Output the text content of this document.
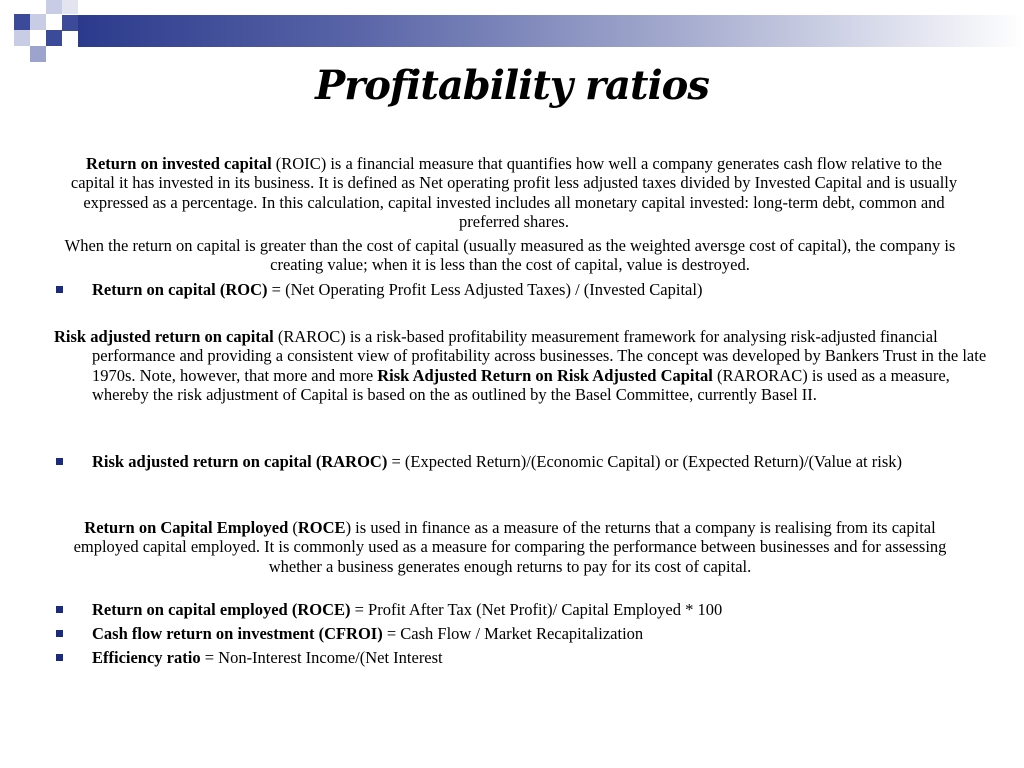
Profitability ratios
Return on invested capital (ROIC) is a financial measure that quantifies how well a company generates cash flow relative to the capital it has invested in its business. It is defined as Net operating profit less adjusted taxes divided by Invested Capital and is usually expressed as a percentage. In this calculation, capital invested includes all monetary capital invested: long-term debt, common and preferred shares.
When the return on capital is greater than the cost of capital (usually measured as the weighted aversge cost of capital), the company is creating value; when it is less than the cost of capital, value is destroyed.
Return on capital (ROC) = (Net Operating Profit Less Adjusted Taxes) / (Invested Capital)
Risk adjusted return on capital (RAROC) is a risk-based profitability measurement framework for analysing risk-adjusted financial performance and providing a consistent view of profitability across businesses. The concept was developed by Bankers Trust in the late 1970s. Note, however, that more and more Risk Adjusted Return on Risk Adjusted Capital (RARORAC) is used as a measure, whereby the risk adjustment of Capital is based on the as outlined by the Basel Committee, currently Basel II.
Risk adjusted return on capital (RAROC) = (Expected Return)/(Economic Capital) or (Expected Return)/(Value at risk)
Return on Capital Employed (ROCE) is used in finance as a measure of the returns that a company is realising from its capital employed capital employed. It is commonly used as a measure for comparing the performance between businesses and for assessing whether a business generates enough returns to pay for its cost of capital.
Return on capital employed (ROCE) = Profit After Tax (Net Profit)/ Capital Employed * 100
Cash flow return on investment (CFROI) = Cash Flow / Market Recapitalization
Efficiency ratio = Non-Interest Income/(Net Interest
